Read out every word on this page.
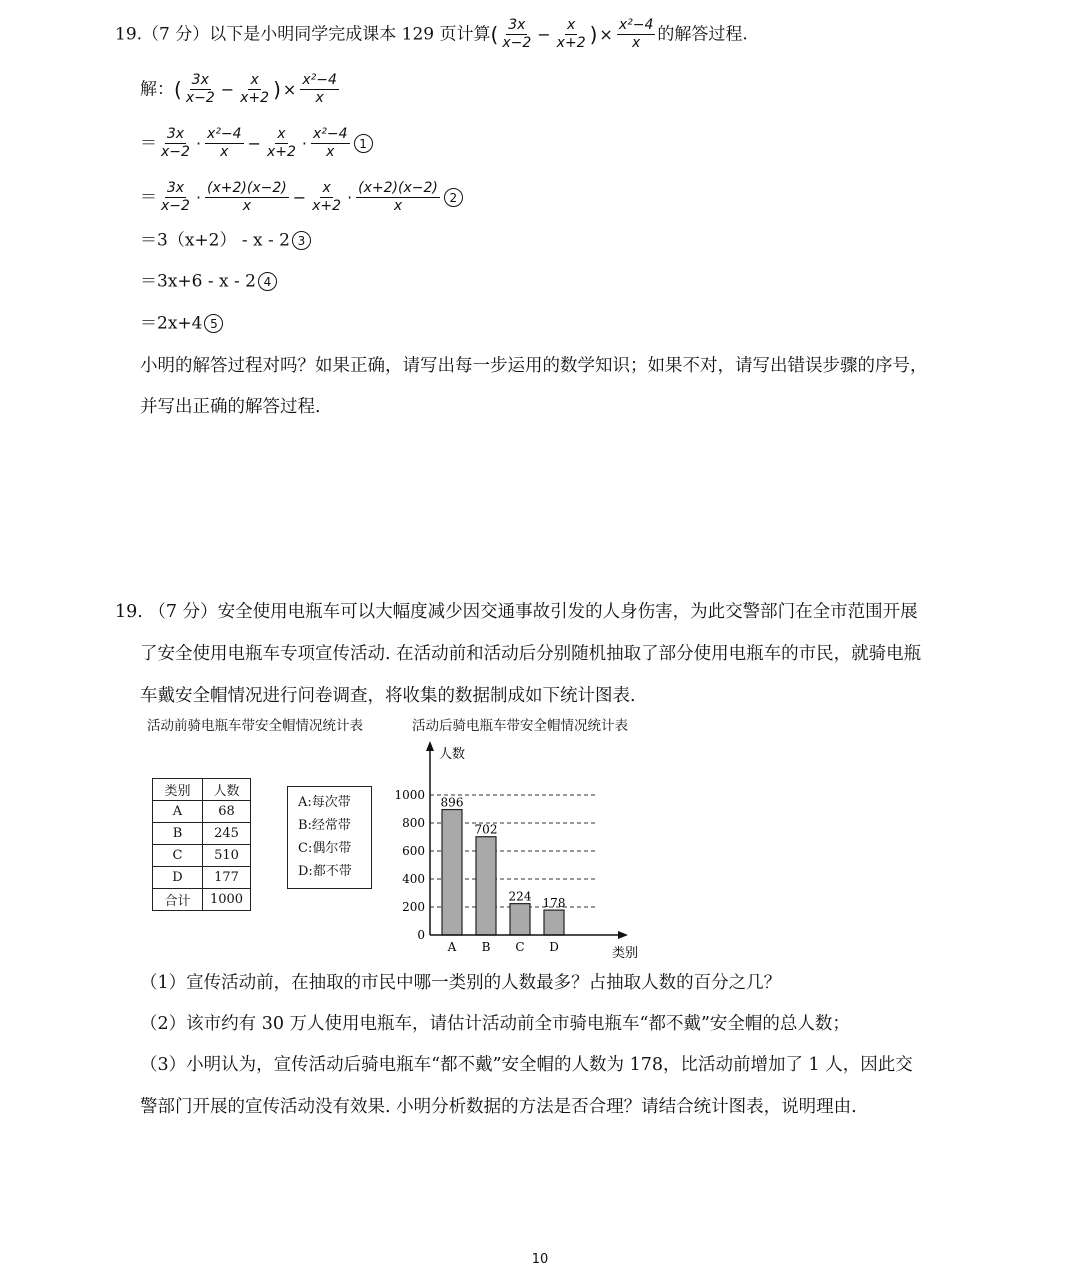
19.（7 分）以下是小明同学完成课本 129 页计算( $\frac{3x}{x-2} - \frac{x}{x+2}$ ) × $\frac{\text{x²−4}}{x}$ 的解答过程.
解：( $\frac{3x}{x-2} - \frac{x}{x+2}$ ) × $\frac{\text{x²−4}}{x}$
＝ $\frac{3x}{x-2} \cdot \frac{\text{x²−4}}{x} - \frac{x}{x+2} \cdot \frac{\text{x²−4}}{x} 1$
＝ $\frac{3x}{x-2} \cdot \frac{(x+2)(x-2)}{x} - \frac{x}{x+2} \cdot \frac{(x+2)(x-2)}{x} 2$
＝3（x+2） - x - 2 3
＝3x+6 - x - 2 4
＝2x+4 5
小明的解答过程对吗？如果正确，请写出每一步运用的数学知识；如果不对，请写出错误步骤的序号，
并写出正确的解答过程.
19. （7 分）安全使用电瓶车可以大幅度减少因交通事故引发的人身伤害，为此交警部门在全市范围开展
了安全使用电瓶车专项宣传活动. 在活动前和活动后分别随机抽取了部分使用电瓶车的市民，就骑电瓶
车戴安全帽情况进行问卷调查，将收集的数据制成如下统计图表.
活动前骑电瓶车带安全帽情况统计表	活动后骑电瓶车带安全帽情况统计表
类别	人数
A	68
B	245
C	510
D	177
合计	1000
A:每次带
B:经常带
C:偶尔带
D:都不带
0
200
400
600
800
1000
896
A
702
B
224
C
178
D
人数
类别
（1）宣传活动前，在抽取的市民中哪一类别的人数最多？占抽取人数的百分之几？
（2）该市约有 30 万人使用电瓶车，请估计活动前全市骑电瓶车“都不戴”安全帽的总人数；
（3）小明认为，宣传活动后骑电瓶车“都不戴”安全帽的人数为 178，比活动前增加了 1 人，因此交
警部门开展的宣传活动没有效果. 小明分析数据的方法是否合理？请结合统计图表，说明理由.
10
